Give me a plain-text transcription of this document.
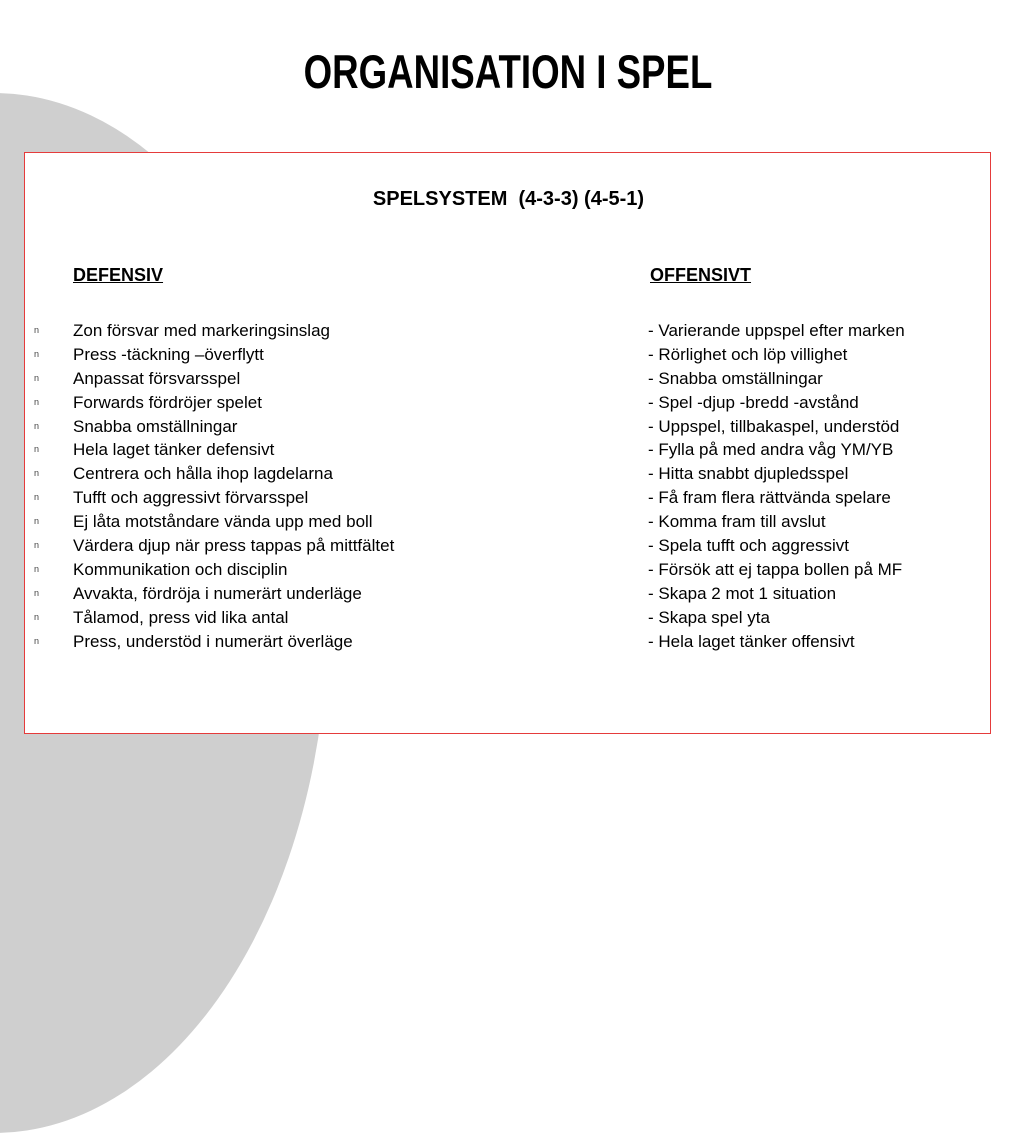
ORGANISATION I SPEL
SPELSYSTEM  (4-3-3) (4-5-1)
DEFENSIV	OFFENSIVT
n Zon försvar med markeringsinslag
n Press -täckning –överflytt
n Anpassat försvarsspel
n Forwards fördröjer spelet
n Snabba omställningar
n Hela laget tänker defensivt
n Centrera och hålla ihop lagdelarna
n Tufft och aggressivt förvarsspel
n Ej låta motståndare vända upp med boll
n Värdera djup när press tappas på mittfältet
n Kommunikation och disciplin
n Avvakta, fördröja i numerärt underläge
n Tålamod, press vid lika antal
n Press, understöd i numerärt överläge
- Varierande uppspel efter marken
- Rörlighet och löp villighet
- Snabba omställningar
- Spel -djup -bredd -avstånd
- Uppspel, tillbakaspel, understöd
- Fylla på med andra våg YM/YB
- Hitta snabbt djupledsspel
- Få fram flera rättvända spelare
- Komma fram till avslut
- Spela tufft och aggressivt
- Försök att ej tappa bollen på MF
- Skapa 2 mot 1 situation
- Skapa spel yta
- Hela laget tänker offensivt
